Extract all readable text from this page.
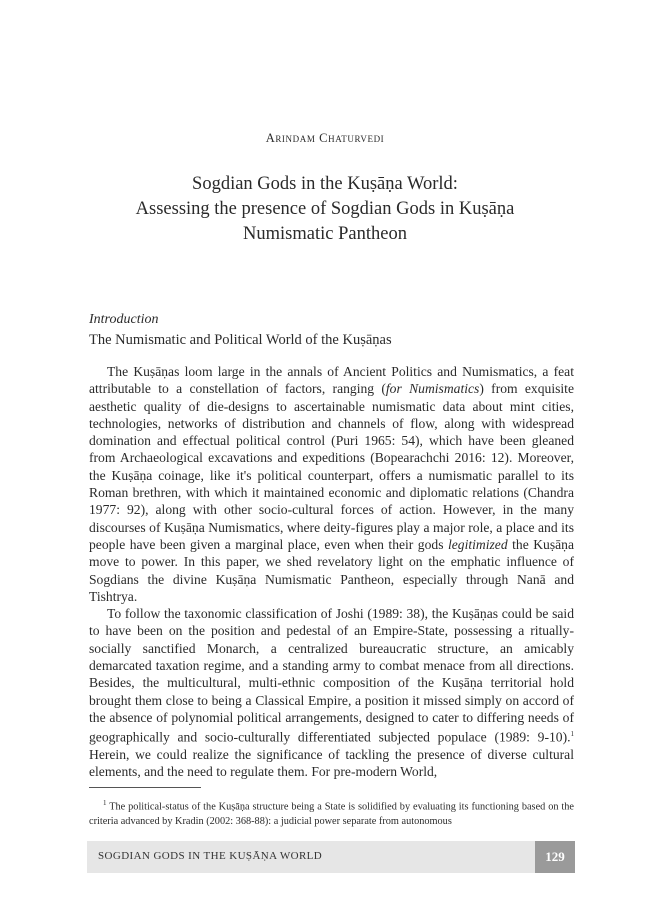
Arindam Chaturvedi
Sogdian Gods in the Kuṣāṇa World:
Assessing the presence of Sogdian Gods in Kuṣāṇa
Numismatic Pantheon
Introduction
The Numismatic and Political World of the Kuṣāṇas

The Kuṣāṇas loom large in the annals of Ancient Politics and Numismatics, a feat attributable to a constellation of factors, ranging (for Numismatics) from exquisite aesthetic quality of die-designs to ascertainable numismatic data about mint cities, technologies, networks of distribution and channels of flow, along with widespread domination and effectual political control (Puri 1965: 54), which have been gleaned from Archaeological excavations and expeditions (Bopearachchi 2016: 12). Moreover, the Kuṣāṇa coinage, like it's political counterpart, offers a numismatic parallel to its Roman brethren, with which it maintained economic and diplomatic relations (Chandra 1977: 92), along with other socio-cultural forces of action. However, in the many discourses of Kuṣāṇa Numismatics, where deity-figures play a major role, a place and its people have been given a marginal place, even when their gods legitimized the Kuṣāṇa move to power. In this paper, we shed revelatory light on the emphatic influence of Sogdians the divine Kuṣāṇa Numismatic Pantheon, especially through Nanā and Tishtrya.

To follow the taxonomic classification of Joshi (1989: 38), the Kuṣāṇas could be said to have been on the position and pedestal of an Empire-State, possessing a ritually-socially sanctified Monarch, a centralized bureaucratic structure, an amicably demarcated taxation regime, and a standing army to combat menace from all directions. Besides, the multicultural, multi-ethnic composition of the Kuṣāṇa territorial hold brought them close to being a Classical Empire, a position it missed simply on accord of the absence of polynomial political arrangements, designed to cater to differing needs of geographically and socio-culturally differentiated subjected populace (1989: 9-10).$^1$ Herein, we could realize the significance of tackling the presence of diverse cultural elements, and the need to regulate them. For pre-modern World,

$^1$ The political-status of the Kuṣāṇa structure being a State is solidified by evaluating its functioning based on the criteria advanced by Kradin (2002: 368-88): a judicial power separate from autonomous
SOGDIAN GODS IN THE KUṢĀṆA WORLD	129
